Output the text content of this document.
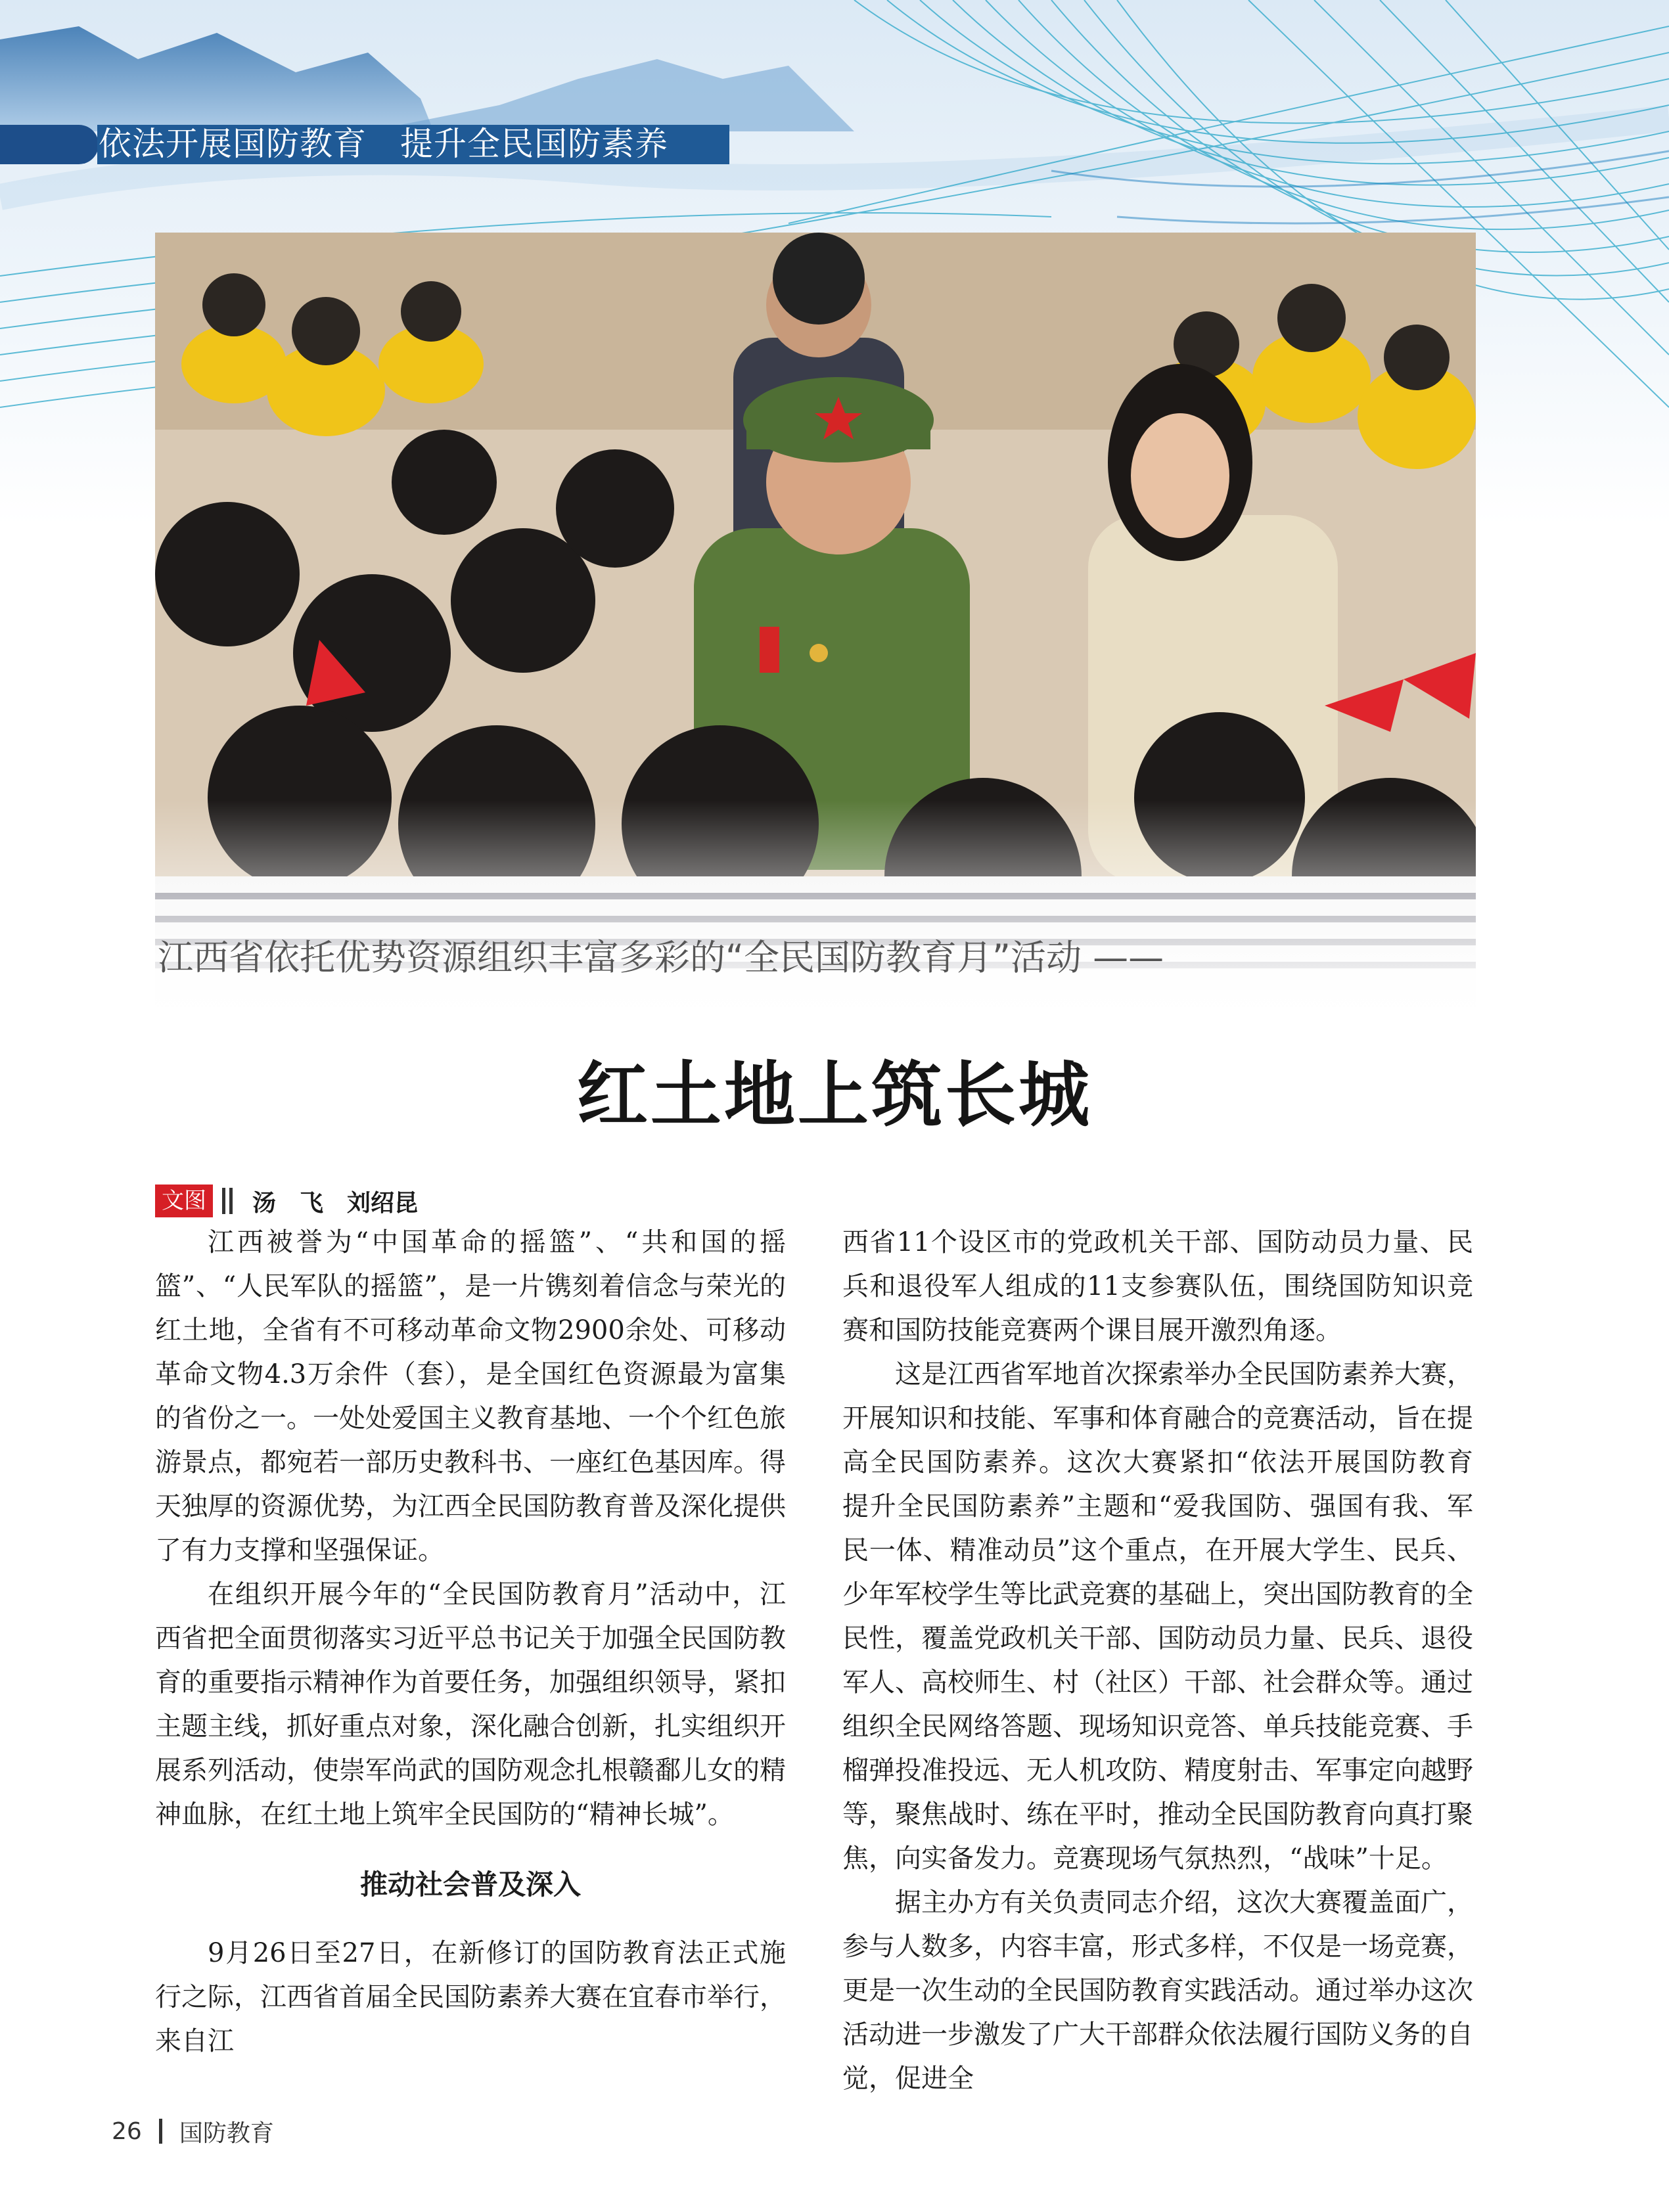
依法开展国防教育　提升全民国防素养
江西省依托优势资源组织丰富多彩的“全民国防教育月”活动 ——
红土地上筑长城
文图 汤　飞　刘绍昆

江西被誉为“中国革命的摇篮”、“共和国的摇篮”、“人民军队的摇篮”，是一片镌刻着信念与荣光的红土地，全省有不可移动革命文物2900余处、可移动革命文物4.3万余件（套），是全国红色资源最为富集的省份之一。一处处爱国主义教育基地、一个个红色旅游景点，都宛若一部历史教科书、一座红色基因库。得天独厚的资源优势，为江西全民国防教育普及深化提供了有力支撑和坚强保证。

在组织开展今年的“全民国防教育月”活动中，江西省把全面贯彻落实习近平总书记关于加强全民国防教育的重要指示精神作为首要任务，加强组织领导，紧扣主题主线，抓好重点对象，深化融合创新，扎实组织开展系列活动，使崇军尚武的国防观念扎根赣鄱儿女的精神血脉，在红土地上筑牢全民国防的“精神长城”。

推动社会普及深入

9月26日至27日，在新修订的国防教育法正式施行之际，江西省首届全民国防素养大赛在宜春市举行，来自江

西省11个设区市的党政机关干部、国防动员力量、民兵和退役军人组成的11支参赛队伍，围绕国防知识竞赛和国防技能竞赛两个课目展开激烈角逐。

这是江西省军地首次探索举办全民国防素养大赛，开展知识和技能、军事和体育融合的竞赛活动，旨在提高全民国防素养。这次大赛紧扣“依法开展国防教育　提升全民国防素养”主题和“爱我国防、强国有我、军民一体、精准动员”这个重点，在开展大学生、民兵、少年军校学生等比武竞赛的基础上，突出国防教育的全民性，覆盖党政机关干部、国防动员力量、民兵、退役军人、高校师生、村（社区）干部、社会群众等。通过组织全民网络答题、现场知识竞答、单兵技能竞赛、手榴弹投准投远、无人机攻防、精度射击、军事定向越野等，聚焦战时、练在平时，推动全民国防教育向真打聚焦，向实备发力。竞赛现场气氛热烈，“战味”十足。

据主办方有关负责同志介绍，这次大赛覆盖面广，参与人数多，内容丰富，形式多样，不仅是一场竞赛，更是一次生动的全民国防教育实践活动。通过举办这次活动进一步激发了广大干部群众依法履行国防义务的自觉，促进全

26 国防教育
